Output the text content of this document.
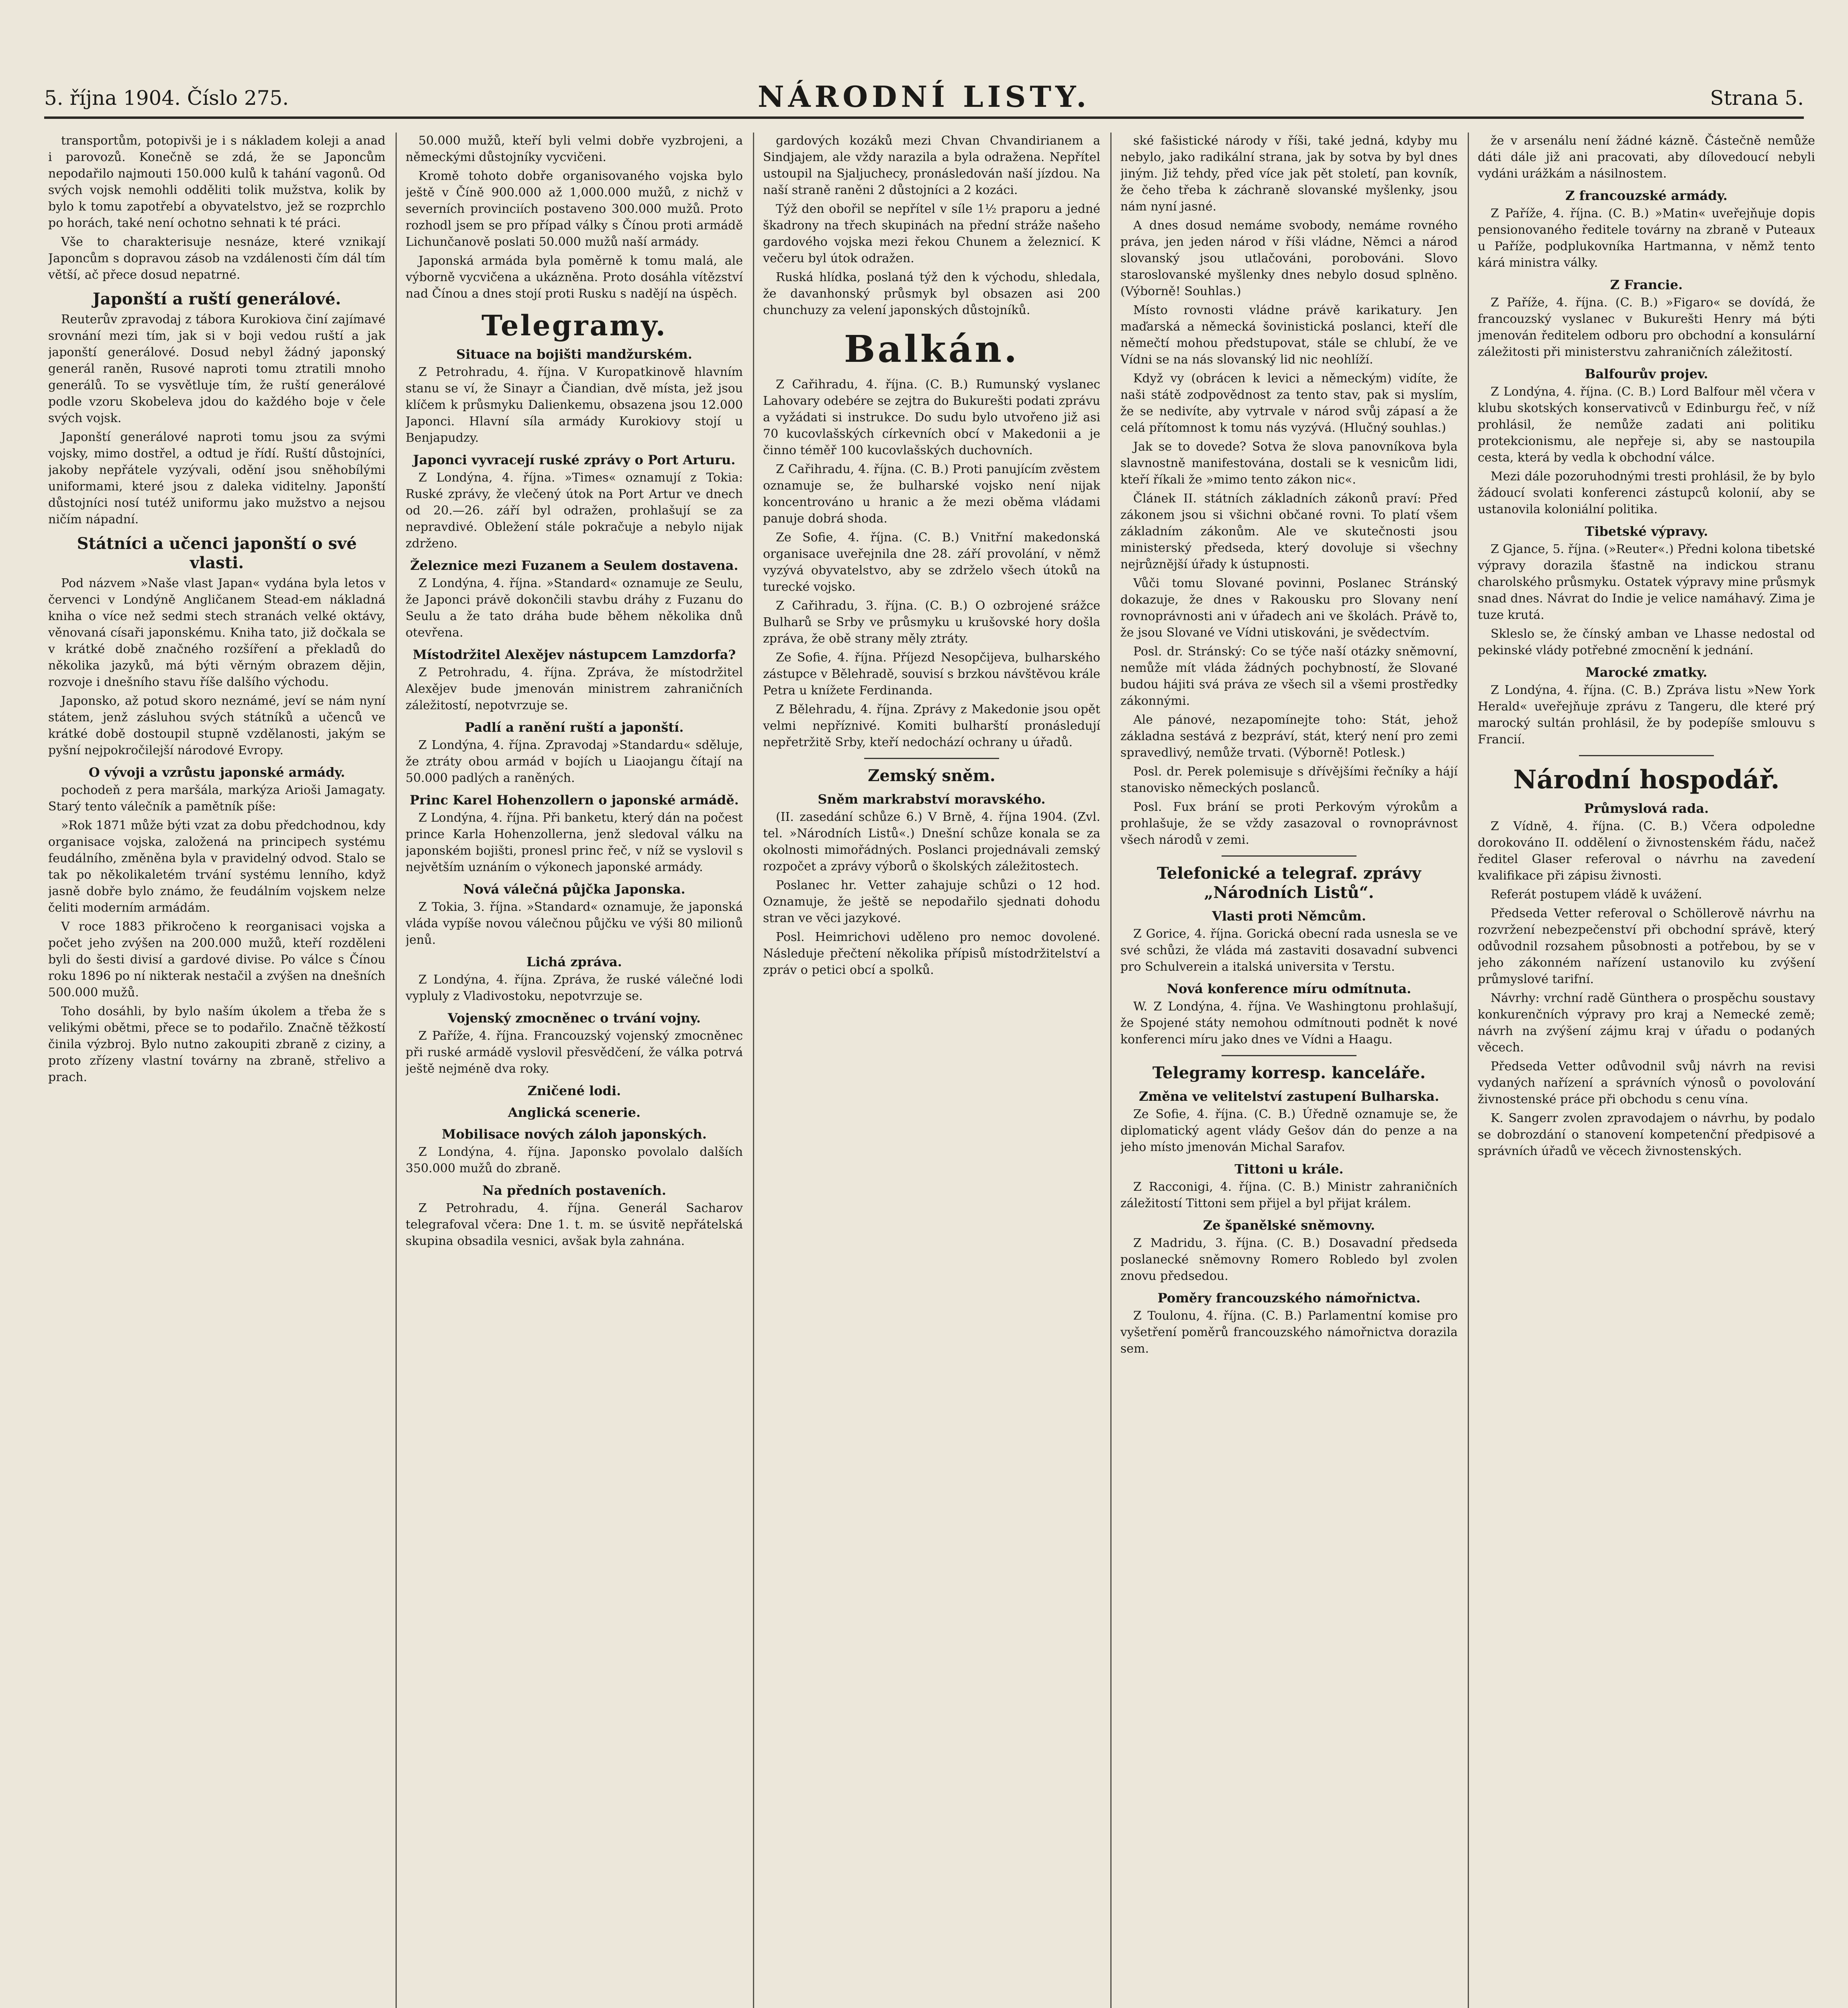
5. října 1904. Číslo 275.	NÁRODNÍ LISTY.	Strana 5.

transportům, potopivši je i s nákladem koleji a anad i parovozů. Konečně se zdá, že se Japoncům nepodařilo najmouti 150.000 kulů k tahání vagonů. Od svých vojsk nemohli odděliti tolik mužstva, kolik by bylo k tomu zapotřebí a obyvatelstvo, jež se rozprchlo po horách, také není ochotno sehnati k té práci.

Vše to charakterisuje nesnáze, které vznikají Japoncům s dopravou zásob na vzdálenosti čím dál tím větší, ač přece dosud nepatrné.

Japonští a ruští generálové.

Reuterův zpravodaj z tábora Kurokiova činí zajímavé srovnání mezi tím, jak si v boji vedou ruští a jak japonští generálové. Dosud nebyl žádný japonský generál raněn, Rusové naproti tomu ztratili mnoho generálů. To se vysvětluje tím, že ruští generálové podle vzoru Skobeleva jdou do každého boje v čele svých vojsk.

Japonští generálové naproti tomu jsou za svými vojsky, mimo dostřel, a odtud je řídí. Ruští důstojníci, jakoby nepřátele vyzývali, odění jsou sněhobílými uniformami, které jsou z daleka viditelny. Japonští důstojníci nosí tutéž uniformu jako mužstvo a nejsou ničím nápadní.

Státníci a učenci japonští o své vlasti.

Pod názvem »Naše vlast Japan« vydána byla letos v červenci v Londýně Angličanem Stead-em nákladná kniha o více než sedmi stech stranách velké oktávy, věnovaná císaři japonskému. Kniha tato, již dočkala se v krátké době značného rozšíření a překladů do několika jazyků, má býti věrným obrazem dějin, rozvoje i dnešního stavu říše dalšího východu.

Japonsko, až potud skoro neznámé, jeví se nám nyní státem, jenž zásluhou svých státníků a učenců ve krátké době dostoupil stupně vzdělanosti, jakým se pyšní nejpokročilejší národové Evropy.

O vývoji a vzrůstu japonské armády.

pochodeň z pera maršála, markýza Arioši Jamagaty. Starý tento válečník a pamětník píše:

»Rok 1871 může býti vzat za dobu předchodnou, kdy organisace vojska, založená na principech systému feudálního, změněna byla v pravidelný odvod. Stalo se tak po několikaletém trvání systému lenního, když jasně dobře bylo známo, že feudálním vojskem nelze čeliti moderním armádám.

V roce 1883 přikročeno k reorganisaci vojska a počet jeho zvýšen na 200.000 mužů, kteří rozděleni byli do šesti divisí a gardové divise. Po válce s Čínou roku 1896 po ní nikterak nestačil a zvýšen na dnešních 500.000 mužů.

Toho dosáhli, by bylo naším úkolem a třeba že s velikými obětmi, přece se to podařilo. Značně těžkostí činila výzbroj. Bylo nutno zakoupiti zbraně z ciziny, a proto zřízeny vlastní továrny na zbraně, střelivo a prach.

50.000 mužů, kteří byli velmi dobře vyzbrojeni, a německými důstojníky vycvičeni.

Kromě tohoto dobře organisovaného vojska bylo ještě v Číně 900.000 až 1,000.000 mužů, z nichž v severních provinciích postaveno 300.000 mužů. Proto rozhodl jsem se pro případ války s Čínou proti armádě Lichunčanově poslati 50.000 mužů naší armády.

Japonská armáda byla poměrně k tomu malá, ale výborně vycvičena a ukázněna. Proto dosáhla vítězství nad Čínou a dnes stojí proti Rusku s nadějí na úspěch.

Telegramy.
Situace na bojišti mandžurském.

Z Petrohradu, 4. října. V Kuropatkinově hlavním stanu se ví, že Sinayr a Čiandian, dvě místa, jež jsou klíčem k průsmyku Dalienkemu, obsazena jsou 12.000 Japonci. Hlavní síla armády Kurokiovy stojí u Benjapudzy.

Japonci vyvracejí ruské zprávy o Port Arturu.

Z Londýna, 4. října. »Times« oznamují z Tokia: Ruské zprávy, že vlečený útok na Port Artur ve dnech od 20.—26. září byl odražen, prohlašují se za nepravdivé. Obležení stále pokračuje a nebylo nijak zdrženo.

Železnice mezi Fuzanem a Seulem dostavena.

Z Londýna, 4. října. »Standard« oznamuje ze Seulu, že Japonci právě dokončili stavbu dráhy z Fuzanu do Seulu a že tato dráha bude během několika dnů otevřena.

Místodržitel Alexějev nástupcem Lamzdorfa?

Z Petrohradu, 4. října. Zpráva, že místodržitel Alexějev bude jmenován ministrem zahraničních záležitostí, nepotvrzuje se.

Padlí a ranění ruští a japonští.

Z Londýna, 4. října. Zpravodaj »Standardu« sděluje, že ztráty obou armád v bojích u Liaojangu čítají na 50.000 padlých a raněných.

Princ Karel Hohenzollern o japonské armádě.

Z Londýna, 4. října. Při banketu, který dán na počest prince Karla Hohenzollerna, jenž sledoval válku na japonském bojišti, pronesl princ řeč, v níž se vyslovil s největším uznáním o výkonech japonské armády.

Nová válečná půjčka Japonska.

Z Tokia, 3. října. »Standard« oznamuje, že japonská vláda vypíše novou válečnou půjčku ve výši 80 milionů jenů.

Lichá zpráva.

Z Londýna, 4. října. Zpráva, že ruské válečné lodi vypluly z Vladivostoku, nepotvrzuje se.

Vojenský zmocněnec o trvání vojny.

Z Paříže, 4. října. Francouzský vojenský zmocněnec při ruské armádě vyslovil přesvědčení, že válka potrvá ještě nejméně dva roky.

Zničené lodi.
Anglická scenerie.
Mobilisace nových záloh japonských.

Z Londýna, 4. října. Japonsko povolalo dalších 350.000 mužů do zbraně.

Na předních postaveních.

Z Petrohradu, 4. října. Generál Sacharov telegrafoval včera: Dne 1. t. m. se úsvitě nepřátelská skupina obsadila vesnici, avšak byla zahnána.

gardových kozáků mezi Chvan Chvandirianem a Sindjajem, ale vždy narazila a byla odražena. Nepřítel ustoupil na Sjaljuchecy, pronásledován naší jízdou. Na naší straně raněni 2 důstojníci a 2 kozáci.

Týž den obořil se nepřítel v síle 1½ praporu a jedné škadrony na třech skupinách na přední stráže našeho gardového vojska mezi řekou Chunem a železnicí. K večeru byl útok odražen.

Ruská hlídka, poslaná týž den k východu, shledala, že davanhonský průsmyk byl obsazen asi 200 chunchuzy za velení japonských důstojníků.

Balkán.

Z Cařihradu, 4. října. (C. B.) Rumunský vyslanec Lahovary odebére se zejtra do Bukurešti podati zprávu a vyžádati si instrukce. Do sudu bylo utvořeno již asi 70 kucovlašských církevních obcí v Makedonii a je činno téměř 100 kucovlašských duchovních.

Z Cařihradu, 4. října. (C. B.) Proti panujícím zvěstem oznamuje se, že bulharské vojsko není nijak koncentrováno u hranic a že mezi oběma vládami panuje dobrá shoda.

Ze Sofie, 4. října. (C. B.) Vnitřní makedonská organisace uveřejnila dne 28. září provolání, v němž vyzývá obyvatelstvo, aby se zdrželo všech útoků na turecké vojsko.

Z Cařihradu, 3. října. (C. B.) O ozbrojené srážce Bulharů se Srby ve průsmyku u krušovské hory došla zpráva, že obě strany měly ztráty.

Ze Sofie, 4. října. Příjezd Nesopčijeva, bulharského zástupce v Bělehradě, souvisí s brzkou návštěvou krále Petra u knížete Ferdinanda.

Z Bělehradu, 4. října. Zprávy z Makedonie jsou opět velmi nepříznivé. Komiti bulharští pronásledují nepřetržitě Srby, kteří nedochází ochrany u úřadů.

Zemský sněm.
Sněm markrabství moravského.

(II. zasedání schůze 6.) V Brně, 4. října 1904. (Zvl. tel. »Národních Listů«.) Dnešní schůze konala se za okolnosti mimořádných. Poslanci projednávali zemský rozpočet a zprávy výborů o školských záležitostech.

Poslanec hr. Vetter zahajuje schůzi o 12 hod. Oznamuje, že ještě se nepodařilo sjednati dohodu stran ve věci jazykové.

Posl. Heimrichovi uděleno pro nemoc dovolené. Následuje přečtení několika přípisů místodržitelství a zpráv o petici obcí a spolků.

ské fašistické národy v říši, také jedná, kdyby mu nebylo, jako radikální strana, jak by sotva by byl dnes jiným. Již tehdy, před více jak pět století, pan kovník, že čeho třeba k záchraně slovanské myšlenky, jsou nám nyní jasné.

A dnes dosud nemáme svobody, nemáme rovného práva, jen jeden národ v říši vládne, Němci a národ slovanský jsou utlačováni, porobováni. Slovo staroslovanské myšlenky dnes nebylo dosud splněno. (Výborně! Souhlas.)

Místo rovnosti vládne právě karikatury. Jen maďarská a německá šovinistická poslanci, kteří dle němečtí mohou předstupovat, stále se chlubí, že ve Vídni se na nás slovanský lid nic neohlíží.

Když vy (obrácen k levici a německým) vidíte, že naši státě zodpovědnost za tento stav, pak si myslím, že se nedivíte, aby vytrvale v národ svůj zápasí a že celá přítomnost k tomu nás vyzývá. (Hlučný souhlas.)

Jak se to dovede? Sotva že slova panovníkova byla slavnostně manifestována, dostali se k vesnicům lidi, kteří říkali že »mimo tento zákon nic«.

Článek II. státních základních zákonů praví: Před zákonem jsou si všichni občané rovni. To platí všem základním zákonům. Ale ve skutečnosti jsou ministerský předseda, který dovoluje si všechny nejrůznější úřady k ústupnosti.

Vůči tomu Slované povinni, Poslanec Stránský dokazuje, že dnes v Rakousku pro Slovany není rovnoprávnosti ani v úřadech ani ve školách. Právě to, že jsou Slované ve Vídni utiskováni, je svědectvím.

Posl. dr. Stránský: Co se týče naší otázky sněmovní, nemůže mít vláda žádných pochybností, že Slované budou hájiti svá práva ze všech sil a všemi prostředky zákonnými.

Ale pánové, nezapomínejte toho: Stát, jehož základna sestává z bezpráví, stát, který není pro zemi spravedlivý, nemůže trvati. (Výborně! Potlesk.)

Posl. dr. Perek polemisuje s dřívějšími řečníky a hájí stanovisko německých poslanců.

Posl. Fux brání se proti Perkovým výrokům a prohlašuje, že se vždy zasazoval o rovnoprávnost všech národů v zemi.

Telefonické a telegraf. zprávy „Národních Listů“.
Vlasti proti Němcům.

Z Gorice, 4. října. Gorická obecní rada usnesla se ve své schůzi, že vláda má zastaviti dosavadní subvenci pro Schulverein a italská universita v Terstu.

Nová konference míru odmítnuta.

W. Z Londýna, 4. října. Ve Washingtonu prohlašují, že Spojené státy nemohou odmítnouti podnět k nové konferenci míru jako dnes ve Vídni a Haagu.

Telegramy korresp. kanceláře.
Změna ve velitelství zastupení Bulharska.

Ze Sofie, 4. října. (C. B.) Úředně oznamuje se, že diplomatický agent vlády Gešov dán do penze a na jeho místo jmenován Michal Sarafov.

Tittoni u krále.

Z Racconigi, 4. října. (C. B.) Ministr zahraničních záležitostí Tittoni sem přijel a byl přijat králem.

Ze španělské sněmovny.

Z Madridu, 3. října. (C. B.) Dosavadní předseda poslanecké sněmovny Romero Robledo byl zvolen znovu předsedou.

Poměry francouzského námořnictva.

Z Toulonu, 4. října. (C. B.) Parlamentní komise pro vyšetření poměrů francouzského námořnictva dorazila sem.

že v arsenálu není žádné kázně. Částečně nemůže dáti dále již ani pracovati, aby dílovedoucí nebyli vydáni urážkám a násilnostem.

Z francouzské armády.

Z Paříže, 4. října. (C. B.) »Matin« uveřejňuje dopis pensionovaného ředitele továrny na zbraně v Puteaux u Paříže, podplukovníka Hartmanna, v němž tento kárá ministra války.

Z Francie.

Z Paříže, 4. října. (C. B.) »Figaro« se dovídá, že francouzský vyslanec v Bukurešti Henry má býti jmenován ředitelem odboru pro obchodní a konsulární záležitosti při ministerstvu zahraničních záležitostí.

Balfourův projev.

Z Londýna, 4. října. (C. B.) Lord Balfour měl včera v klubu skotských konservativců v Edinburgu řeč, v níž prohlásil, že nemůže zadati ani politiku protekcionismu, ale nepřeje si, aby se nastoupila cesta, která by vedla k obchodní válce.

Mezi dále pozoruhodnými tresti prohlásil, že by bylo žádoucí svolati konferenci zástupců kolonií, aby se ustanovila koloniální politika.

Tibetské výpravy.

Z Gjance, 5. října. (»Reuter«.) Předni kolona tibetské výpravy dorazila šťastně na indickou stranu charolského průsmyku. Ostatek výpravy mine průsmyk snad dnes. Návrat do Indie je velice namáhavý. Zima je tuze krutá.

Skleslo se, že čínský amban ve Lhasse nedostal od pekinské vlády potřebné zmocnění k jednání.

Marocké zmatky.

Z Londýna, 4. října. (C. B.) Zpráva listu »New York Herald« uveřejňuje zprávu z Tangeru, dle které prý marocký sultán prohlásil, že by podepíše smlouvu s Francií.

Národní hospodář.
Průmyslová rada.

Z Vídně, 4. října. (C. B.) Včera odpoledne dorokováno II. oddělení o živnostenském řádu, načež ředitel Glaser referoval o návrhu na zavedení kvalifikace při zápisu živnosti.

Referát postupem vládě k uvážení.

Předseda Vetter referoval o Schöllerově návrhu na rozvržení nebezpečenství při obchodní správě, který odůvodnil rozsahem působnosti a potřebou, by se v jeho zákonném nařízení ustanovilo ku zvýšení průmyslové tarifní.

Návrhy: vrchní radě Günthera o prospěchu soustavy konkurenčních výpravy pro kraj a Nemecké země; návrh na zvýšení zájmu kraj v úřadu o podaných věcech.

Předseda Vetter odůvodnil svůj návrh na revisi vydaných nařízení a správních výnosů o povolování živnostenské práce při obchodu s cenu vína.

K. Sangerr zvolen zpravodajem o návrhu, by podalo se dobrozdání o stanovení kompetenční předpisové a správních úřadů ve věcech živnostenských.
